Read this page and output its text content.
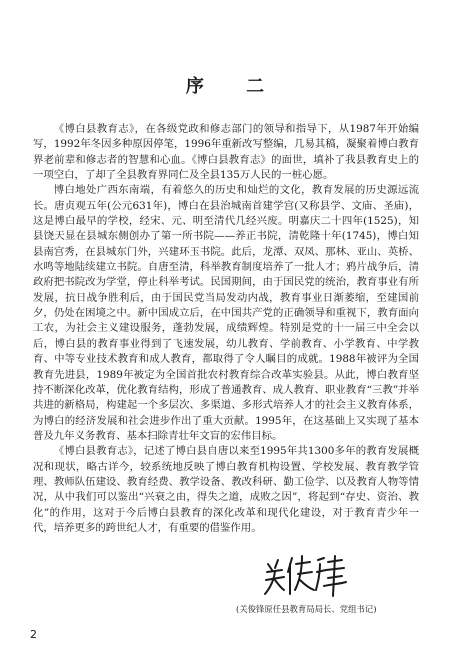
序 二

《博白县教育志》，在各级党政和修志部门的领导和指导下，从1987年开始编写，1992年冬因多种原因停笔，1996年重新改写整编，几易其稿，凝聚着博白教育界老前辈和修志者的智慧和心血。《博白县教育志》的面世，填补了我县教育史上的一项空白，了却了全县教育界同仁及全县135万人民的一桩心愿。

博白地处广西东南端，有着悠久的历史和灿烂的文化，教育发展的历史源远流长。唐贞观五年(公元631年)，博白在县治城南首建学宫(又称县学、文庙、圣庙)，这是博白最早的学校，经宋、元、明至清代几经兴废。明嘉庆二十四年(1525)，知县饶天显在县城东侧创办了第一所书院——养正书院，清乾隆十年(1745)，博白知县南宫秀，在县城东门外，兴建环玉书院。此后，龙潭、双凤、那林、亚山、英桥、水鸣等地陆续建立书院。自唐至清，科举教育制度培养了一批人才；鸦片战争后，清政府把书院改为学堂，停止科举考试。民国期间，由于国民党的统治，教育事业有所发展，抗日战争胜利后，由于国民党当局发动内战，教育事业日渐萎缩，至建国前夕，仍处在困境之中。新中国成立后，在中国共产党的正确领导和重视下，教育面向工农，为社会主义建设服务，蓬勃发展，成绩辉煌。特别是党的十一届三中全会以后，博白县的教育事业得到了飞速发展，幼儿教育、学前教育、小学教育、中学教育、中等专业技术教育和成人教育，都取得了令人瞩目的成就。1988年被评为全国教育先进县，1989年被定为全国首批农村教育综合改革实验县。从此，博白教育坚持不断深化改革，优化教育结构，形成了普通教育、成人教育、职业教育“三教”并举共进的新格局，构建起一个多层次、多渠道、多形式培养人才的社会主义教育体系，为博白的经济发展和社会进步作出了重大贡献。1995年，在这基础上又实现了基本普及九年义务教育、基本扫除青壮年文盲的宏伟目标。

《博白县教育志》，记述了博白县自唐以来至1995年共1300多年的教育发展概况和现状，略古详今，较系统地反映了博白教育机构设置、学校发展、教育教学管理、教师队伍建设、教育经费、教学设备、教改科研、勤工俭学、以及教育人物等情况，从中我们可以鉴出“兴衰之由，得失之道，成败之因”，将起到“存史、资治、教化”的作用，这对于今后博白县教育的深化改革和现代化建设，对于教育青少年一代，培养更多的跨世纪人才，有重要的借鉴作用。

(关俊锋原任县教育局局长、党组书记)
2
